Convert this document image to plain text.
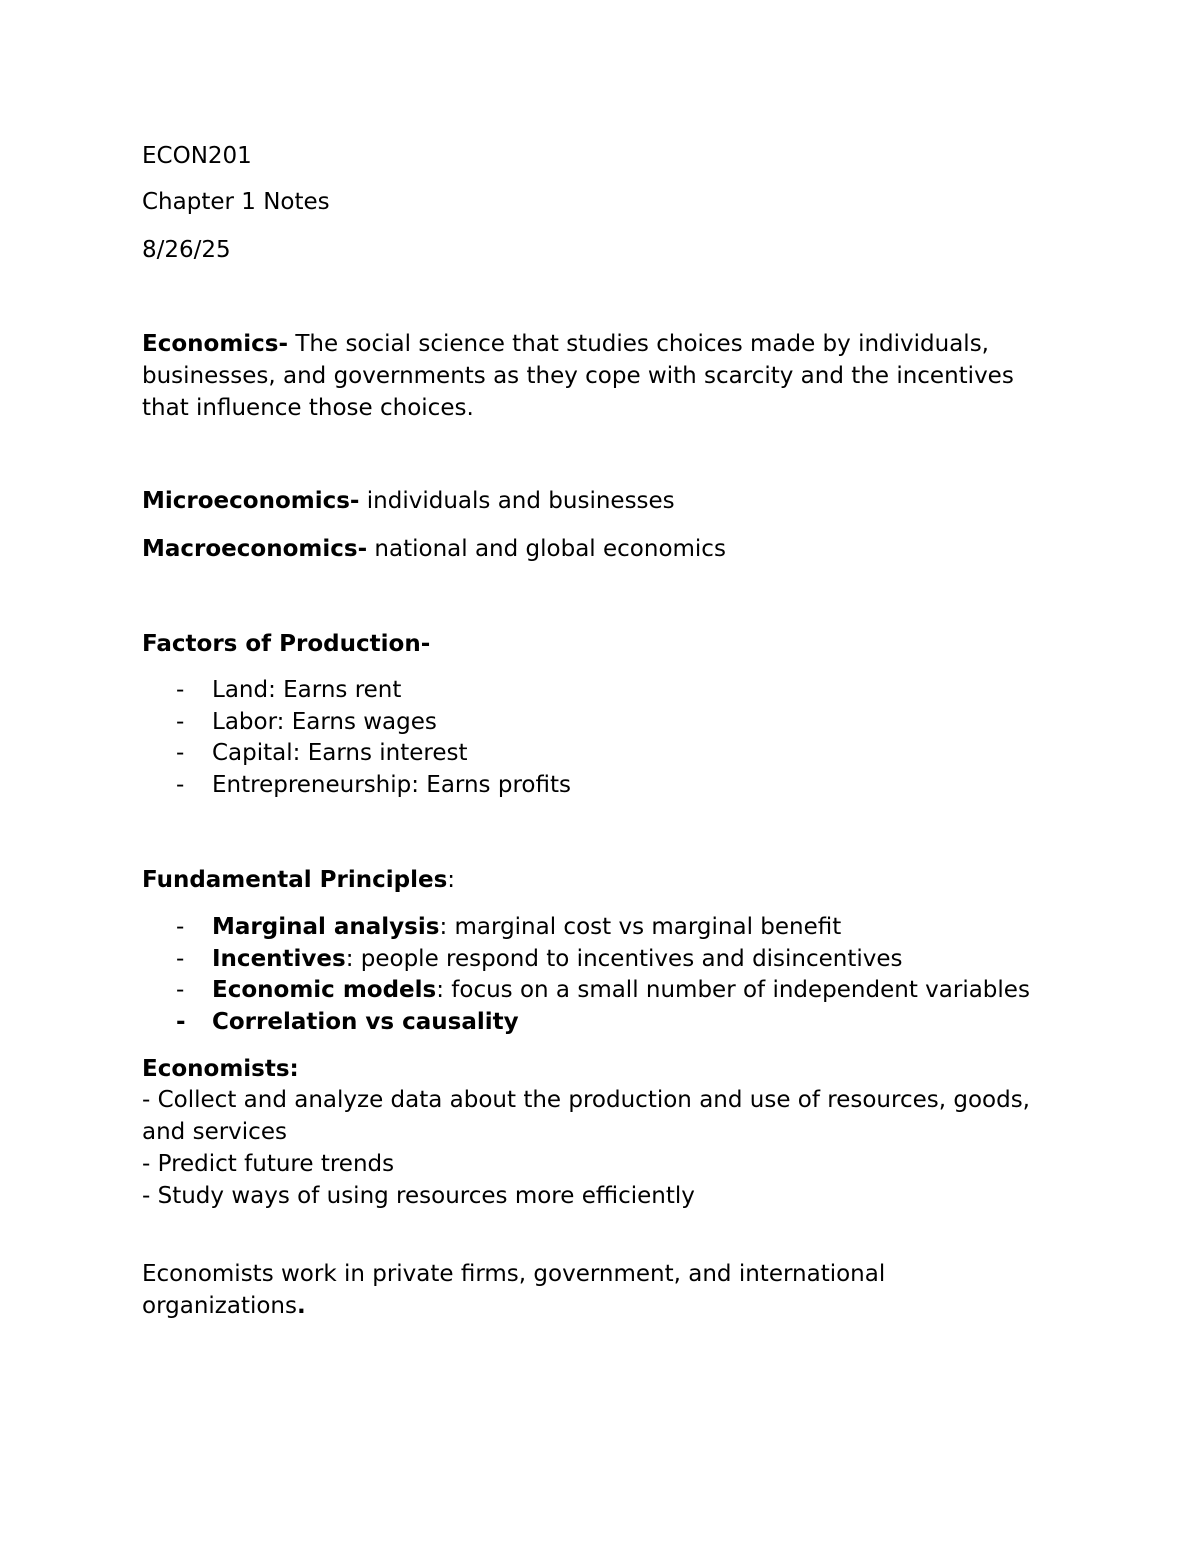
ECON201
Chapter 1 Notes
8/26/25
Economics- The social science that studies choices made by individuals, businesses, and governments as they cope with scarcity and the incentives that influence those choices.
Microeconomics- individuals and businesses
Macroeconomics- national and global economics
Factors of Production-
- Land: Earns rent
- Labor: Earns wages
- Capital: Earns interest
- Entrepreneurship: Earns profits
Fundamental Principles:
- Marginal analysis: marginal cost vs marginal benefit
- Incentives: people respond to incentives and disincentives
- Economic models: focus on a small number of independent variables
- Correlation vs causality
Economists:
- Collect and analyze data about the production and use of resources, goods, and services
- Predict future trends
- Study ways of using resources more efficiently
Economists work in private firms, government, and international organizations.
